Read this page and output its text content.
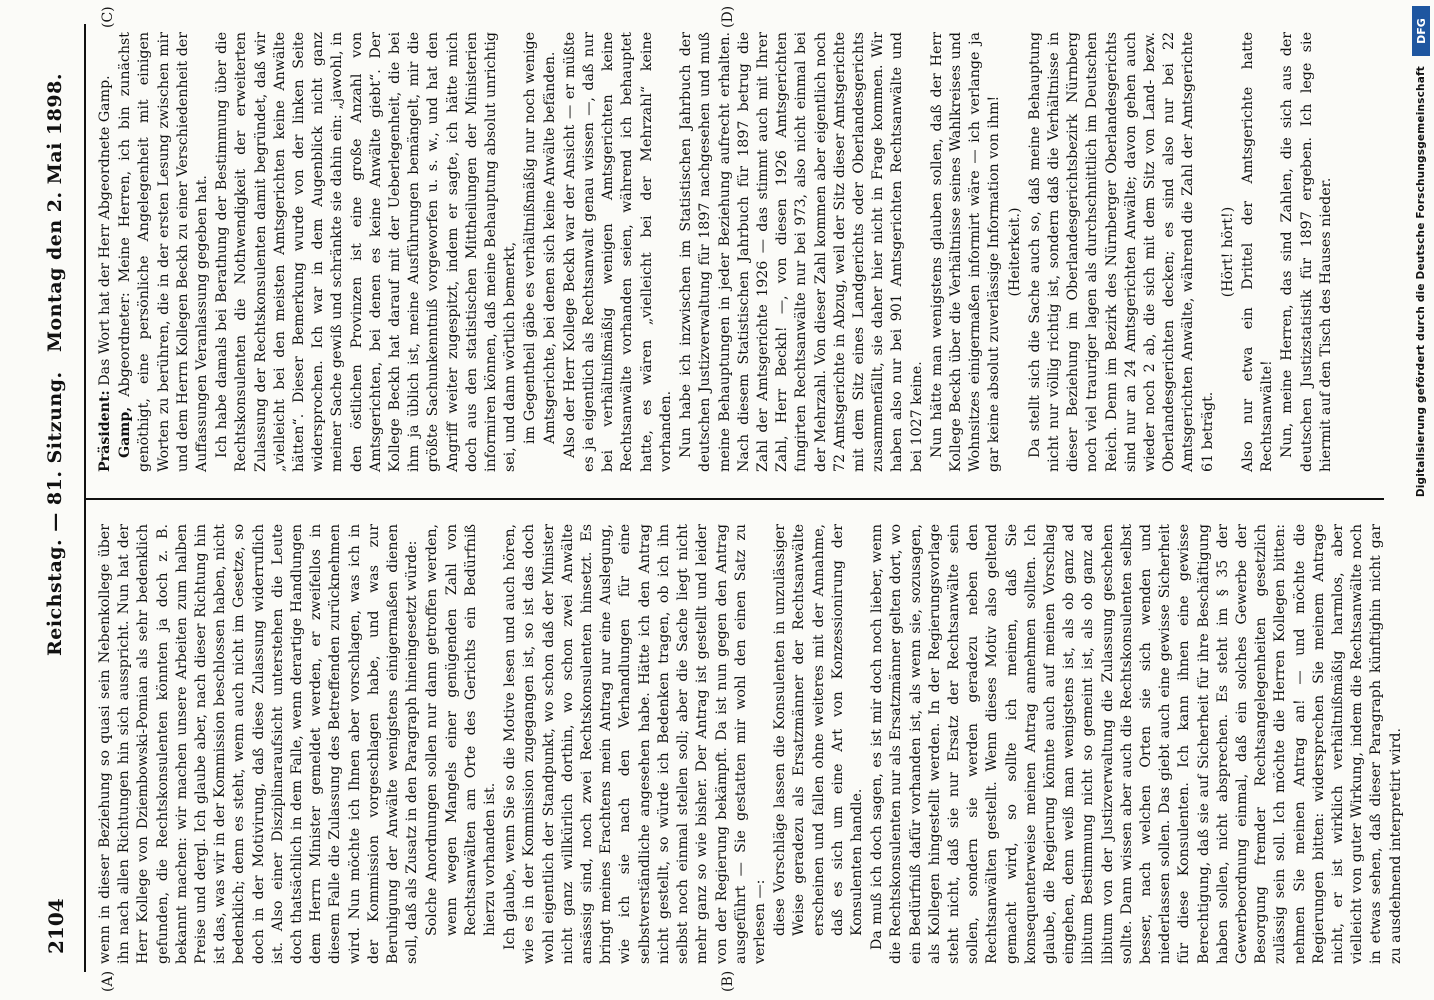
2104
Reichstag. — 81. Sitzung.
Montag den 2. Mai 1898.
(A)	(B)
(C)	(D)

wenn in dieser Beziehung so quasi sein Nebenkollege über ihn nach allen Richtungen hin sich ausspricht. Nun hat der Herr Kollege von Dziembowski-Pomian als sehr bedenklich gefunden, die Rechtskonsulenten könnten ja doch z. B. bekannt machen: wir machen unsere Arbeiten zum halben Preise und dergl. Ich glaube aber, nach dieser Richtung hin ist das, was wir in der Kommission beschlossen haben, nicht bedenklich; denn es steht, wenn auch nicht im Gesetze, so doch in der Motivirung, daß diese Zulassung widerruflich ist. Also einer Disziplinaraufsicht unterstehen die Leute doch thatsächlich in dem Falle, wenn derartige Handlungen dem Herrn Minister gemeldet werden, er zweifellos in diesem Falle die Zulassung des Betreffenden zurücknehmen wird. Nun möchte ich Ihnen aber vorschlagen, was ich in der Kommission vorgeschlagen habe, und was zur Beruhigung der Anwälte wenigstens einigermaßen dienen soll, daß als Zusatz in den Paragraph hineingesetzt würde: Solche Anordnungen sollen nur dann getroffen werden, wenn wegen Mangels einer genügenden Zahl von Rechtsanwälten am Orte des Gerichts ein Bedürfniß hierzu vorhanden ist. Ich glaube, wenn Sie so die Motive lesen und auch hören, wie es in der Kommission zugegangen ist, so ist das doch wohl eigentlich der Standpunkt, wo schon daß der Minister nicht ganz willkürlich dorthin, wo schon zwei Anwälte ansässig sind, noch zwei Rechtskonsulenten hinsetzt. Es bringt meines Erachtens mein Antrag nur eine Auslegung, wie ich sie nach den Verhandlungen für eine selbstverständliche angesehen habe. Hätte ich den Antrag nicht gestellt, so würde ich Bedenken tragen, ob ich ihn selbst noch einmal stellen soll; aber die Sache liegt nicht mehr ganz so wie bisher. Der Antrag ist gestellt und leider von der Regierung bekämpft. Da ist nun gegen den Antrag ausgeführt — Sie gestatten mir wohl den einen Satz zu verlesen —: diese Vorschläge lassen die Konsulenten in unzulässiger Weise geradezu als Ersatzmänner der Rechtsanwälte erscheinen und fallen ohne weiteres mit der Annahme, daß es sich um eine Art von Konzessionirung der Konsulenten handle. Da muß ich doch sagen, es ist mir doch noch lieber, wenn die Rechtskonsulenten nur als Ersatzmänner gelten dort, wo ein Bedürfniß dafür vorhanden ist, als wenn sie, sozusagen, als Kollegen hingestellt werden. In der Regierungsvorlage steht nicht, daß sie nur Ersatz der Rechtsanwälte sein sollen, sondern sie werden geradezu neben den Rechtsanwälten gestellt. Wenn dieses Motiv also geltend gemacht wird, so sollte ich meinen, daß Sie konsequenterweise meinen Antrag annehmen sollten. Ich glaube, die Regierung könnte auch auf meinen Vorschlag eingehen, denn weiß man wenigstens ist, als ob ganz ad libitum Bestimmung nicht so gemeint ist, als ob ganz ad libitum von der Justizverwaltung die Zulassung geschehen sollte. Dann wissen aber auch die Rechtskonsulenten selbst besser, nach welchen Orten sie sich wenden und niederlassen sollen. Das giebt auch eine gewisse Sicherheit für diese Konsulenten. Ich kann ihnen eine gewisse Berechtigung, daß sie auf Sicherheit für ihre Beschäftigung haben sollen, nicht absprechen. Es steht im § 35 der Gewerbeordnung einmal, daß ein solches Gewerbe der Besorgung fremder Rechtsangelegenheiten gesetzlich zulässig sein soll. Ich möchte die Herren Kollegen bitten: nehmen Sie meinen Antrag an! — und möchte die Regierungen bitten: widersprechen Sie meinem Antrage nicht, er ist wirklich verhältnißmäßig harmlos, aber vielleicht von guter Wirkung, indem die Rechtsanwälte noch in etwas sehen, daß dieser Paragraph künftighin nicht gar zu ausdehnend interpretirt wird.

Präsident: Das Wort hat der Herr Abgeordnete Gamp.

Gamp, Abgeordneter: Meine Herren, ich bin zunächst genöthigt, eine persönliche Angelegenheit mit einigen Worten zu berühren, die in der ersten Lesung zwischen mir und dem Herrn Kollegen Beckh zu einer Verschiedenheit der Auffassungen Veranlassung gegeben hat. Ich habe damals bei Berathung der Bestimmung über die Rechtskonsulenten die Nothwendigkeit der erweiterten Zulassung der Rechtskonsulenten damit begründet, daß wir „vielleicht bei den meisten Amtsgerichten keine Anwälte hätten“. Dieser Bemerkung wurde von der linken Seite widersprochen. Ich war in dem Augenblick nicht ganz meiner Sache gewiß und schränkte sie dahin ein: „jawohl, in den östlichen Provinzen ist eine große Anzahl von Amtsgerichten, bei denen es keine Anwälte giebt“. Der Kollege Beckh hat darauf mit der Ueberlegenheit, die bei ihm ja üblich ist, meine Ausführungen bemängelt, mir die größte Sachunkenntniß vorgeworfen u. s. w., und hat den Angriff weiter zugespitzt, indem er sagte, ich hätte mich doch aus den statistischen Mittheilungen der Ministerien informiren können, daß meine Behauptung absolut unrichtig sei, und dann wörtlich bemerkt, im Gegentheil gäbe es verhältnißmäßig nur noch wenige Amtsgerichte, bei denen sich keine Anwälte befänden. Also der Herr Kollege Beckh war der Ansicht — er müßte es ja eigentlich als Rechtsanwalt genau wissen —, daß nur bei verhältnißmäßig wenigen Amtsgerichten keine Rechtsanwälte vorhanden seien, während ich behauptet hatte, es wären „vielleicht bei der Mehrzahl“ keine vorhanden. Nun habe ich inzwischen im Statistischen Jahrbuch der deutschen Justizverwaltung für 1897 nachgesehen und muß meine Behauptungen in jeder Beziehung aufrecht erhalten. Nach diesem Statistischen Jahrbuch für 1897 betrug die Zahl der Amtsgerichte 1926 — das stimmt auch mit Ihrer Zahl, Herr Beckh! —, von diesen 1926 Amtsgerichten fungirten Rechtsanwälte nur bei 973, also nicht einmal bei der Mehrzahl. Von dieser Zahl kommen aber eigentlich noch 72 Amtsgerichte in Abzug, weil der Sitz dieser Amtsgerichte mit dem Sitz eines Landgerichts oder Oberlandesgerichts zusammenfällt, sie daher hier nicht in Frage kommen. Wir haben also nur bei 901 Amtsgerichten Rechtsanwälte und bei 1027 keine. Nun hätte man wenigstens glauben sollen, daß der Herr Kollege Beckh über die Verhältnisse seines Wahlkreises und Wohnsitzes einigermaßen informirt wäre — ich verlange ja gar keine absolut zuverlässige Information von ihm! (Heiterkeit.) Da stellt sich die Sache auch so, daß meine Behauptung nicht nur völlig richtig ist, sondern daß die Verhältnisse in dieser Beziehung im Oberlandesgerichtsbezirk Nürnberg noch viel trauriger lagen als durchschnittlich im Deutschen Reich. Denn im Bezirk des Nürnberger Oberlandesgerichts sind nur an 24 Amtsgerichten Anwälte; davon gehen auch wieder noch 2 ab, die sich mit dem Sitz von Land- bezw. Oberlandesgerichten decken; es sind also nur bei 22 Amtsgerichten Anwälte, während die Zahl der Amtsgerichte 61 beträgt.

(Hört! hört!) Also nur etwa ein Drittel der Amtsgerichte hatte Rechtsanwälte! Nun, meine Herren, das sind Zahlen, die sich aus der deutschen Justizstatistik für 1897 ergeben. Ich lege sie hiermit auf den Tisch des Hauses nieder.	Digitalisierung gefördert durch die Deutsche Forschungsgemeinschaft
DFG
